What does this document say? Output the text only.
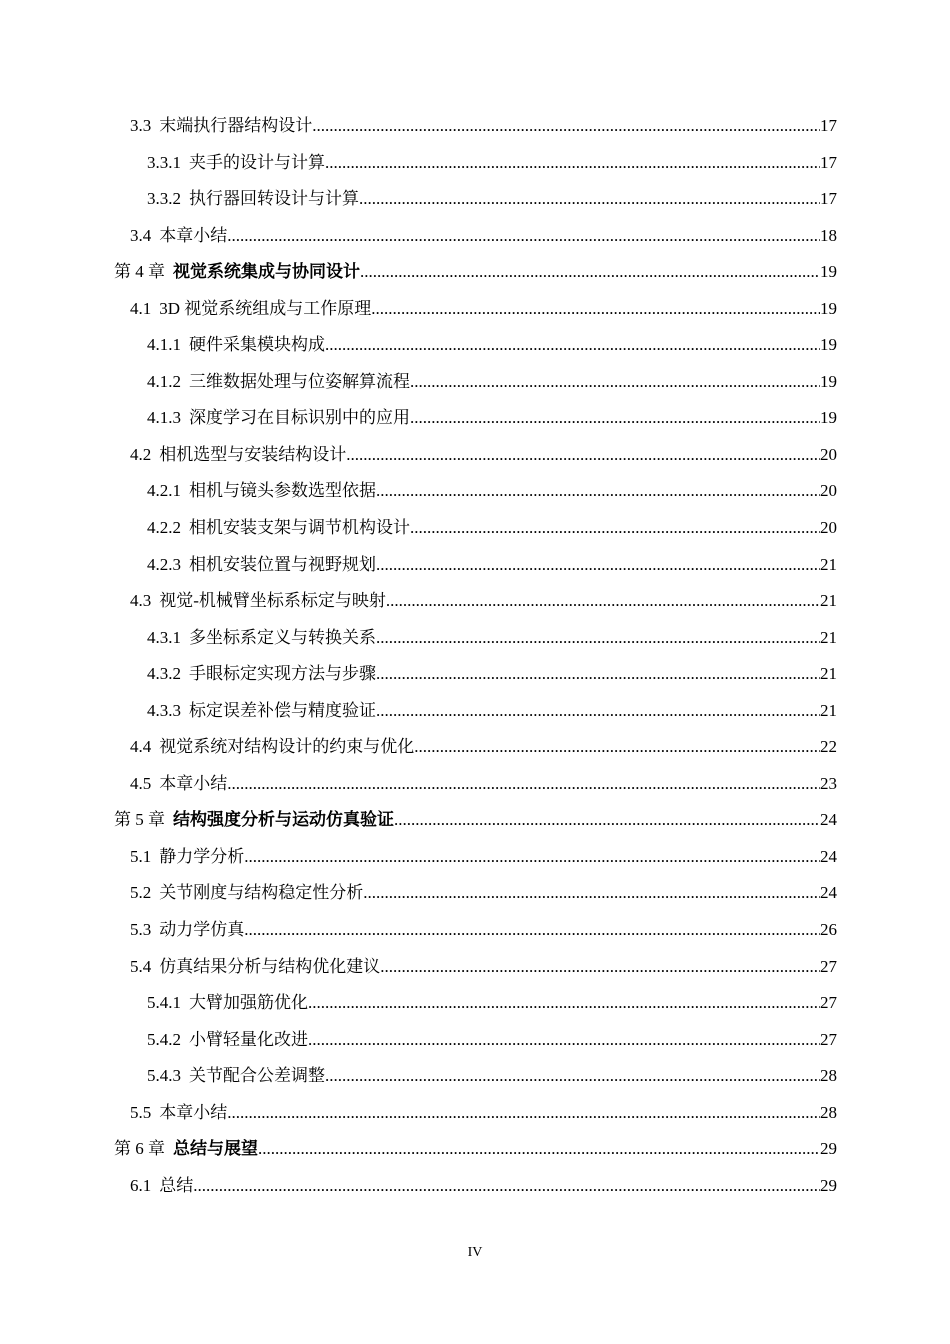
3.3 末端执行器结构设计 .....	17
3.3.1 夹手的设计与计算 .....	17
3.3.2 执行器回转设计与计算 .....	17
3.4 本章小结 .....	18
第 4 章 视觉系统集成与协同设计 .....	19
4.1 3D 视觉系统组成与工作原理 .....	19
4.1.1 硬件采集模块构成 .....	19
4.1.2 三维数据处理与位姿解算流程 .....	19
4.1.3 深度学习在目标识别中的应用 .....	19
4.2 相机选型与安装结构设计 .....	20
4.2.1 相机与镜头参数选型依据 .....	20
4.2.2 相机安装支架与调节机构设计 .....	20
4.2.3 相机安装位置与视野规划 .....	21
4.3 视觉-机械臂坐标系标定与映射 .....	21
4.3.1 多坐标系定义与转换关系 .....	21
4.3.2 手眼标定实现方法与步骤 .....	21
4.3.3 标定误差补偿与精度验证 .....	21
4.4 视觉系统对结构设计的约束与优化 .....	22
4.5 本章小结 .....	23
第 5 章 结构强度分析与运动仿真验证 .....	24
5.1 静力学分析 .....	24
5.2 关节刚度与结构稳定性分析 .....	24
5.3 动力学仿真 .....	26
5.4 仿真结果分析与结构优化建议 .....	27
5.4.1 大臂加强筋优化 .....	27
5.4.2 小臂轻量化改进 .....	27
5.4.3 关节配合公差调整 .....	28
5.5 本章小结 .....	28
第 6 章 总结与展望 .....	29
6.1 总结 .....	29
IV
